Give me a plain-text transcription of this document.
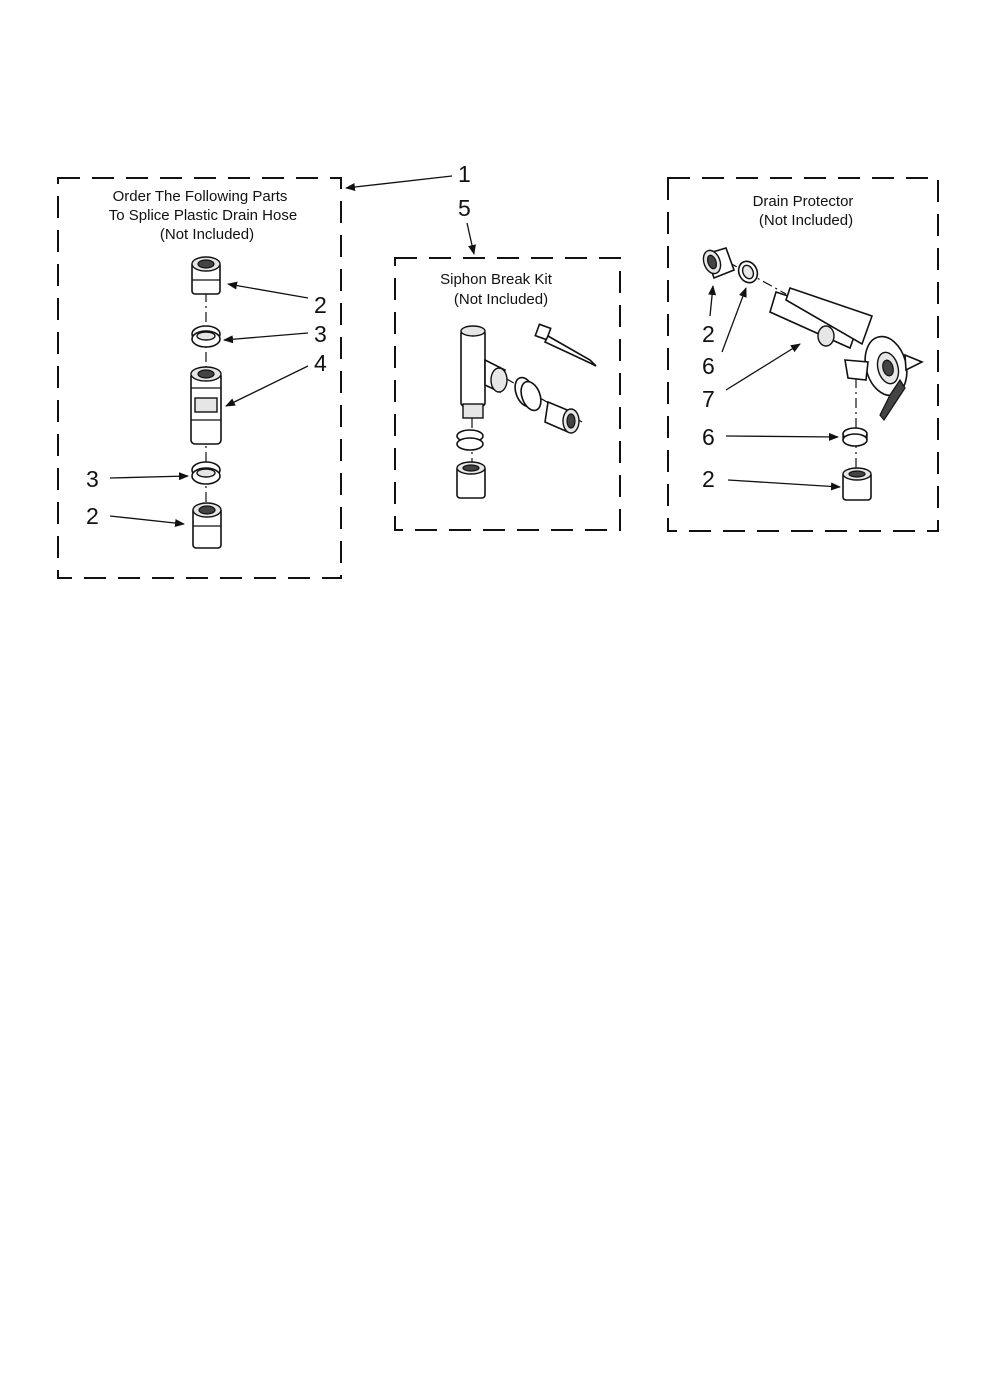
1
5
Order The Following Parts
To Splice Plastic Drain Hose
(Not Included)
2
3
4
3
2
Siphon Break Kit
(Not Included)
Drain Protector
(Not Included)
2
6
7
6
2
